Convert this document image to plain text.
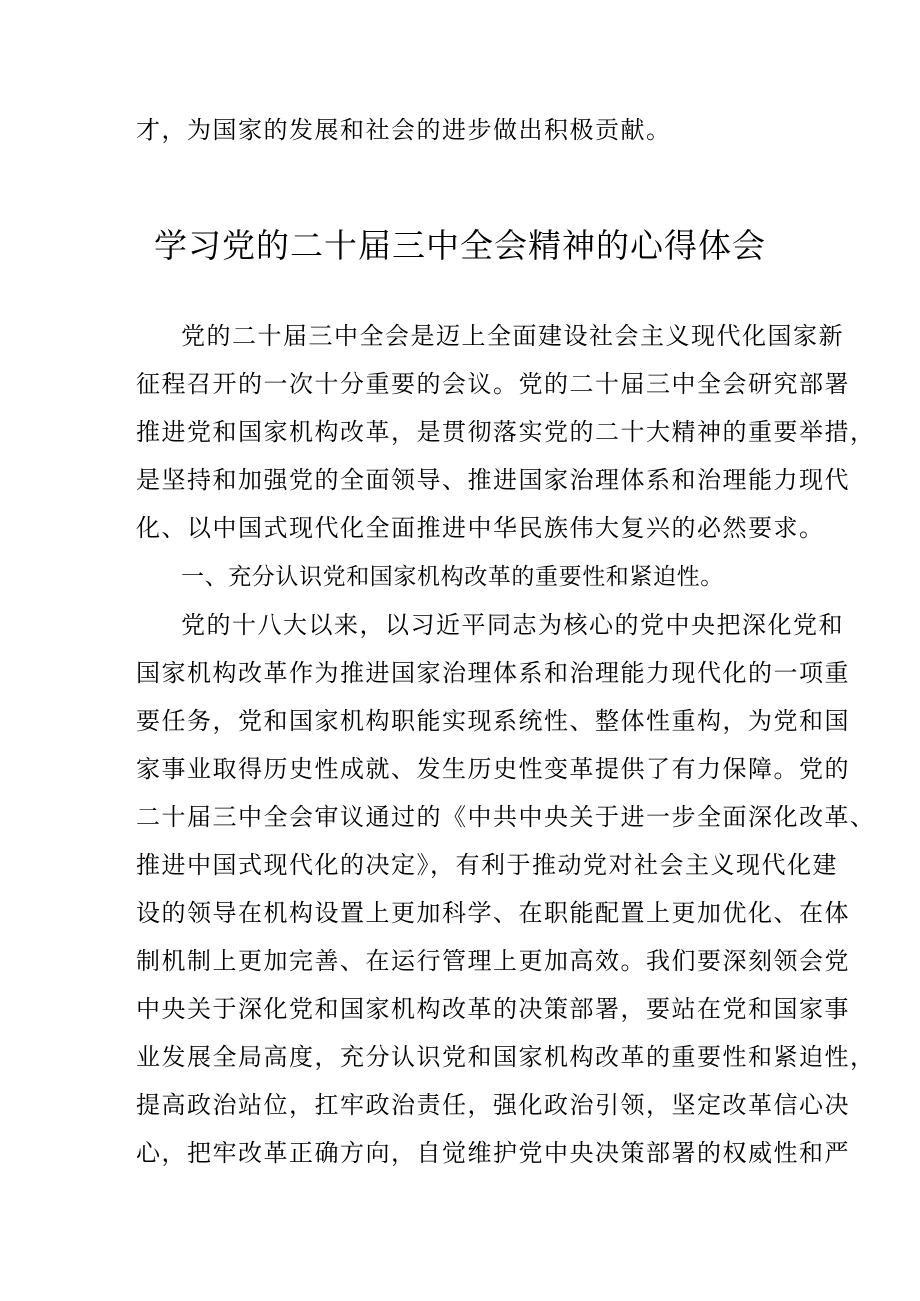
才，为国家的发展和社会的进步做出积极贡献。
学习党的二十届三中全会精神的心得体会
党的二十届三中全会是迈上全面建设社会主义现代化国家新
征程召开的一次十分重要的会议。党的二十届三中全会研究部署
推进党和国家机构改革，是贯彻落实党的二十大精神的重要举措，
是坚持和加强党的全面领导、推进国家治理体系和治理能力现代
化、以中国式现代化全面推进中华民族伟大复兴的必然要求。
一、充分认识党和国家机构改革的重要性和紧迫性。
党的十八大以来，以习近平同志为核心的党中央把深化党和
国家机构改革作为推进国家治理体系和治理能力现代化的一项重
要任务，党和国家机构职能实现系统性、整体性重构，为党和国
家事业取得历史性成就、发生历史性变革提供了有力保障。党的
二十届三中全会审议通过的《中共中央关于进一步全面深化改革、
推进中国式现代化的决定》，有利于推动党对社会主义现代化建
设的领导在机构设置上更加科学、在职能配置上更加优化、在体
制机制上更加完善、在运行管理上更加高效。我们要深刻领会党
中央关于深化党和国家机构改革的决策部署，要站在党和国家事
业发展全局高度，充分认识党和国家机构改革的重要性和紧迫性，
提高政治站位，扛牢政治责任，强化政治引领，坚定改革信心决
心，把牢改革正确方向，自觉维护党中央决策部署的权威性和严
